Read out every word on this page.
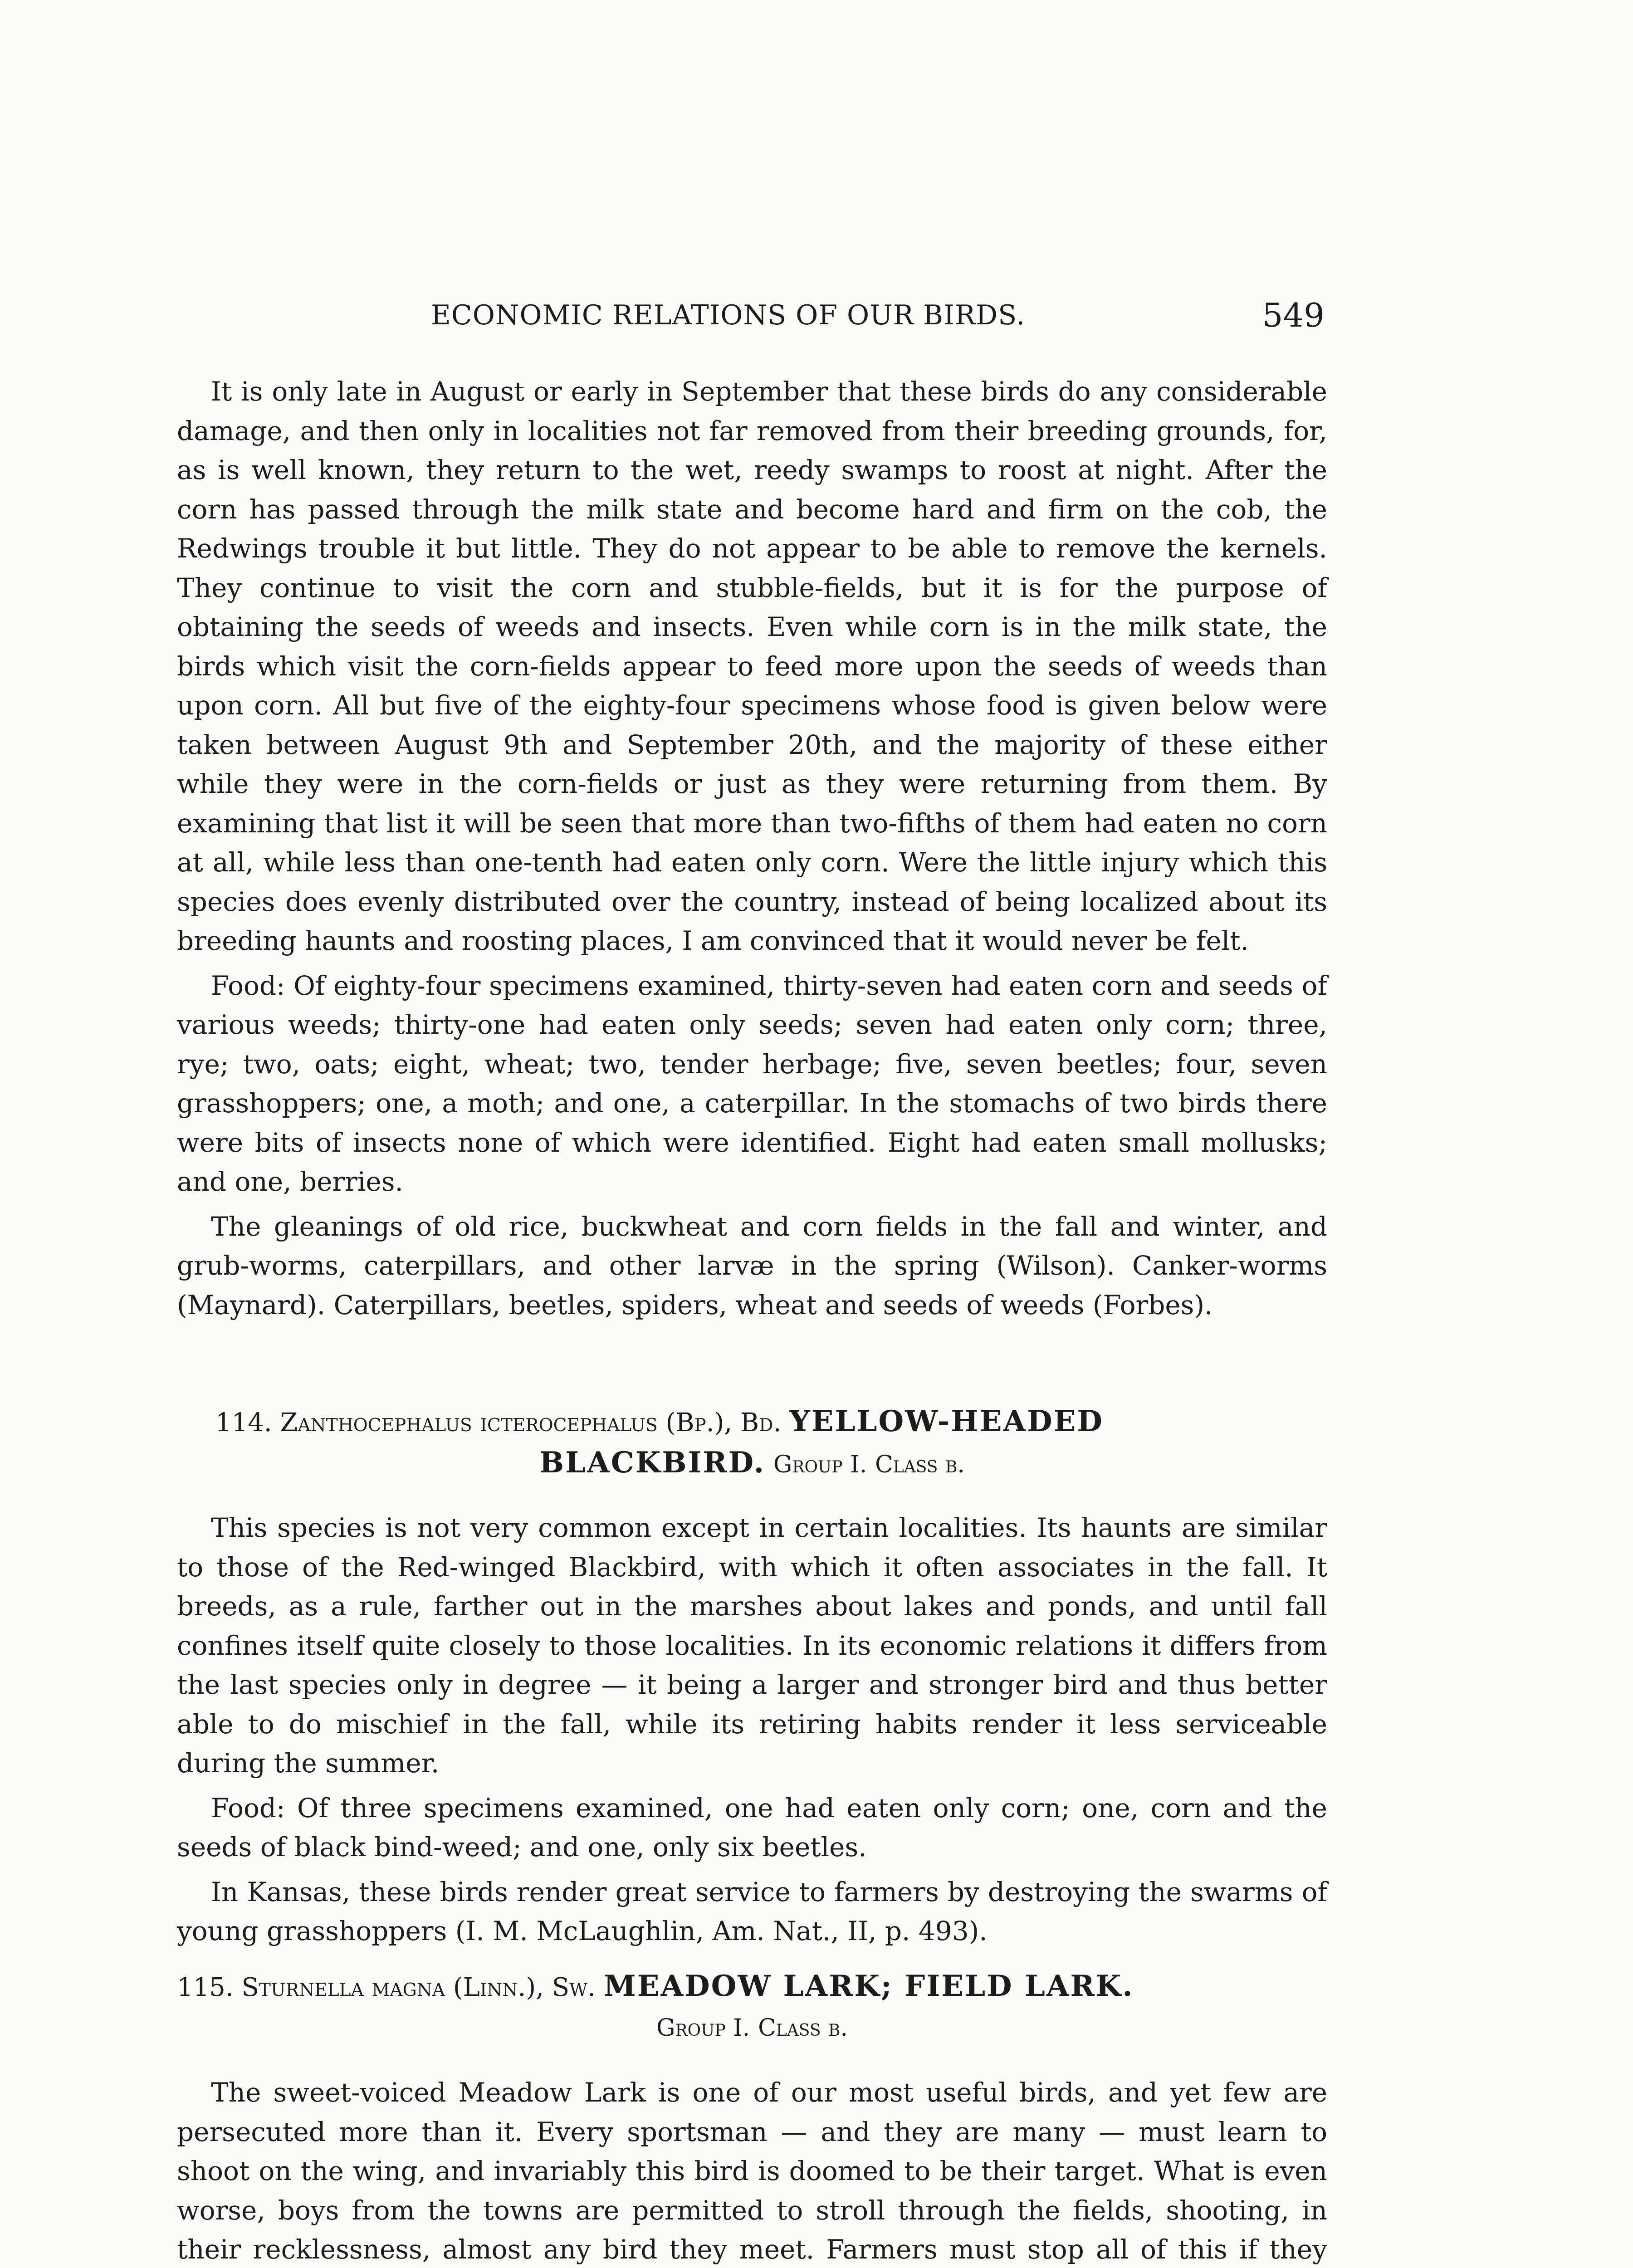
ECONOMIC RELATIONS OF OUR BIRDS.	549

It is only late in August or early in September that these birds do any considerable damage, and then only in localities not far removed from their breeding grounds, for, as is well known, they return to the wet, reedy swamps to roost at night. After the corn has passed through the milk state and become hard and firm on the cob, the Redwings trouble it but little. They do not appear to be able to remove the kernels. They continue to visit the corn and stubble-fields, but it is for the purpose of obtaining the seeds of weeds and insects. Even while corn is in the milk state, the birds which visit the corn-fields appear to feed more upon the seeds of weeds than upon corn. All but five of the eighty-four specimens whose food is given below were taken between August 9th and September 20th, and the majority of these either while they were in the corn-fields or just as they were returning from them. By examining that list it will be seen that more than two-fifths of them had eaten no corn at all, while less than one-tenth had eaten only corn. Were the little injury which this species does evenly distributed over the country, instead of being localized about its breeding haunts and roosting places, I am convinced that it would never be felt.

Food: Of eighty-four specimens examined, thirty-seven had eaten corn and seeds of various weeds; thirty-one had eaten only seeds; seven had eaten only corn; three, rye; two, oats; eight, wheat; two, tender herbage; five, seven beetles; four, seven grasshoppers; one, a moth; and one, a caterpillar. In the stomachs of two birds there were bits of insects none of which were identified. Eight had eaten small mollusks; and one, berries.

The gleanings of old rice, buckwheat and corn fields in the fall and winter, and grub-worms, caterpillars, and other larvæ in the spring (Wilson). Canker-worms (Maynard). Caterpillars, beetles, spiders, wheat and seeds of weeds (Forbes).

114. Zanthocephalus icterocephalus (Bp.), Bd. YELLOW-HEADED
BLACKBIRD. Group I. Class b.

This species is not very common except in certain localities. Its haunts are similar to those of the Red-winged Blackbird, with which it often associates in the fall. It breeds, as a rule, farther out in the marshes about lakes and ponds, and until fall confines itself quite closely to those localities. In its economic relations it differs from the last species only in degree — it being a larger and stronger bird and thus better able to do mischief in the fall, while its retiring habits render it less serviceable during the summer.

Food: Of three specimens examined, one had eaten only corn; one, corn and the seeds of black bind-weed; and one, only six beetles.

In Kansas, these birds render great service to farmers by destroying the swarms of young grasshoppers (I. M. McLaughlin, Am. Nat., II, p. 493).

115. Sturnella magna (Linn.), Sw. MEADOW LARK; FIELD LARK.
Group I. Class b.

The sweet-voiced Meadow Lark is one of our most useful birds, and yet few are persecuted more than it. Every sportsman — and they are many — must learn to shoot on the wing, and invariably this bird is doomed to be their target. What is even worse, boys from the towns are permitted to stroll through the fields, shooting, in their recklessness, almost any bird they meet. Farmers must stop all of this if they
